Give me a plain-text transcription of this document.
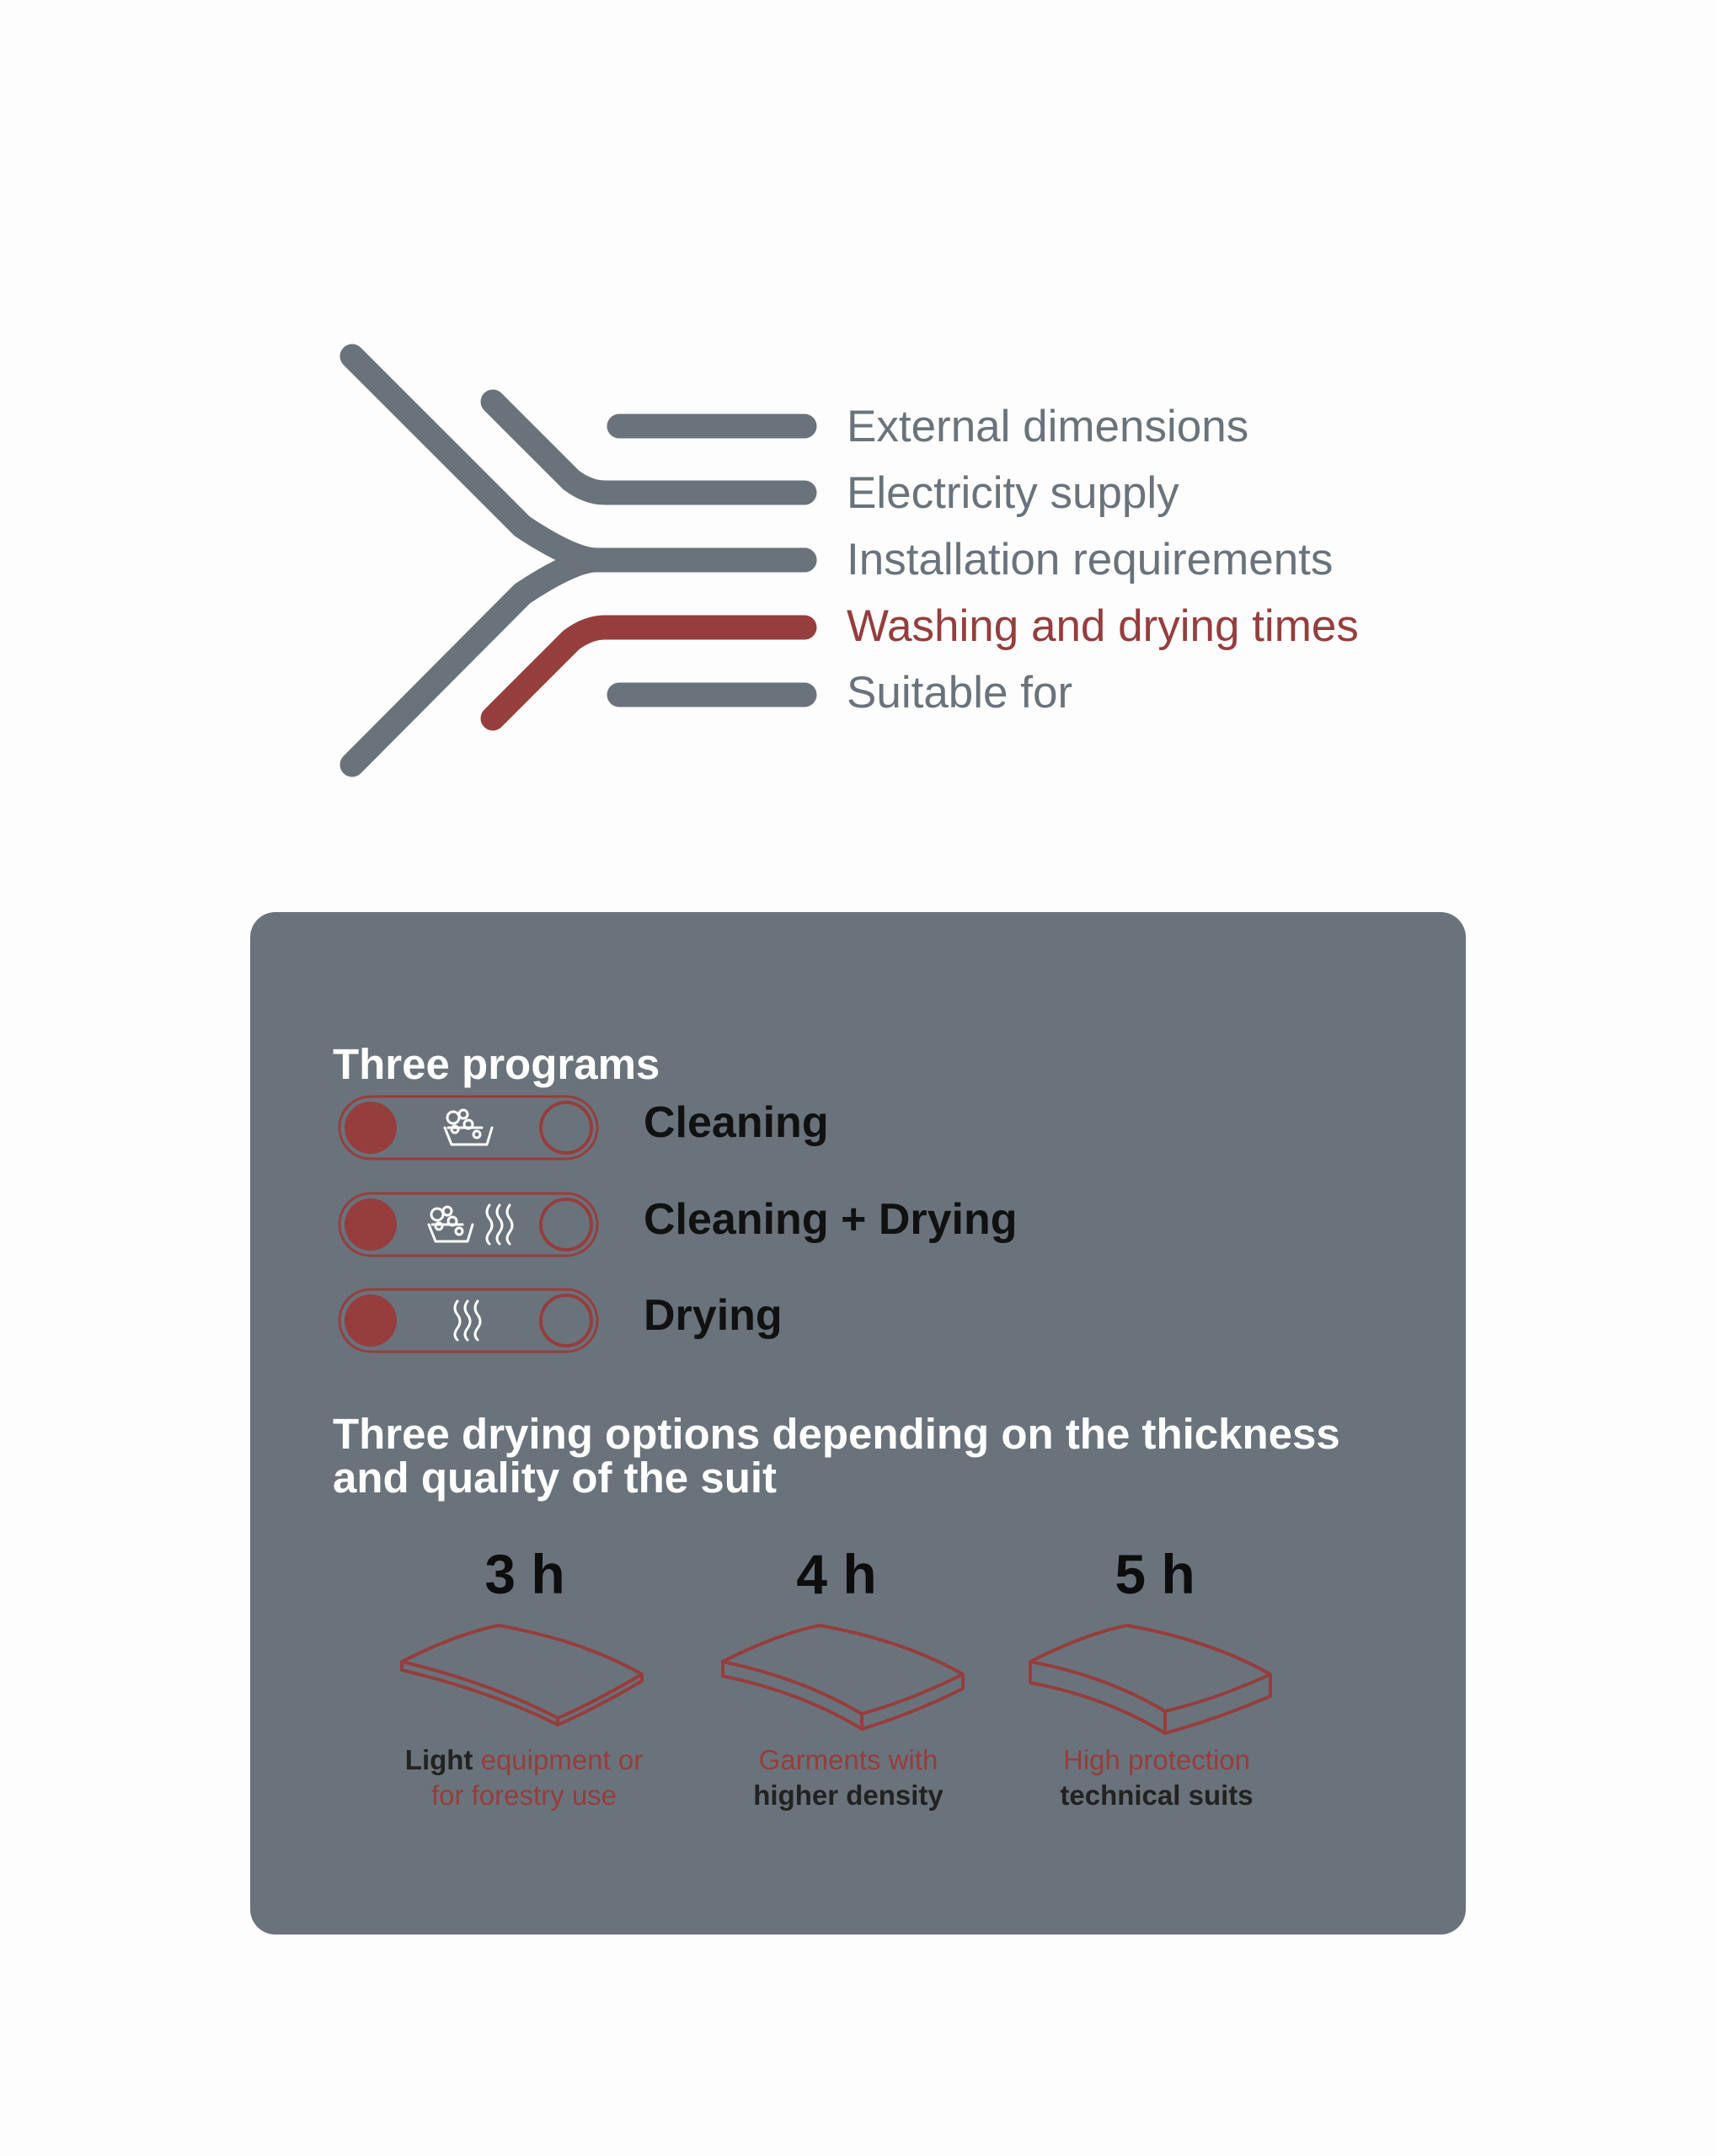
External dimensions
Electricity supply
Installation requirements
Washing and drying times
Suitable for
Three programs
Cleaning
Cleaning + Drying
Drying
Three drying options depending on the thickness
and quality of the suit
3 h
Light equipment or
for forestry use
4 h
Garments with
higher density
5 h
High protection
technical suits
